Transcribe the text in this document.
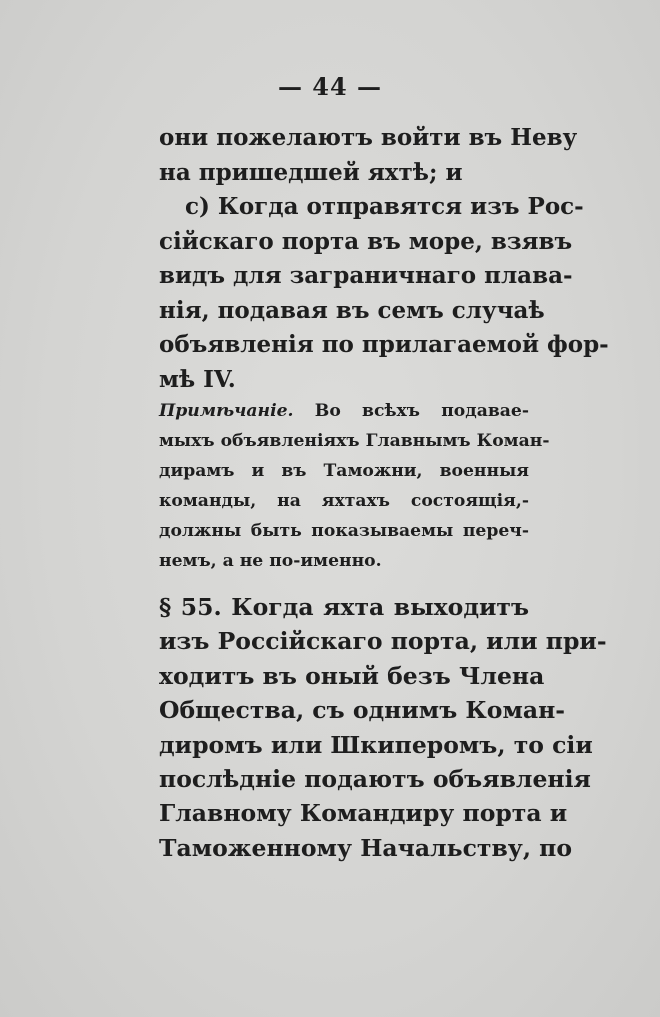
— 44 —
они пожелаютъ войти въ Неву
на пришедшей яхтѣ; и
c) Когда отправятся изъ Рос-
сiйскаго порта въ море, взявъ
видъ для заграничнаго плава-
нiя, подавая въ семъ случаѣ
объявленiя по прилагаемой фор-
мѣ IV.
Примѣчанiе. Во всѣхъ подавае-
мыхъ объявленiяхъ Главнымъ Коман-
дирамъ и въ Таможни, военныя
команды, на яхтахъ состоящiя,-
должны быть показываемы переч-
немъ, а не по-именно.
§ 55. Когда яхта выходитъ
изъ Россiйскаго порта, или при-
ходитъ въ оный безъ Члена
Общества, съ однимъ Коман-
диромъ или Шкиперомъ, то сiи
послѣднiе подаютъ объявленiя
Главному Командиру порта и
Таможенному Начальству, по
